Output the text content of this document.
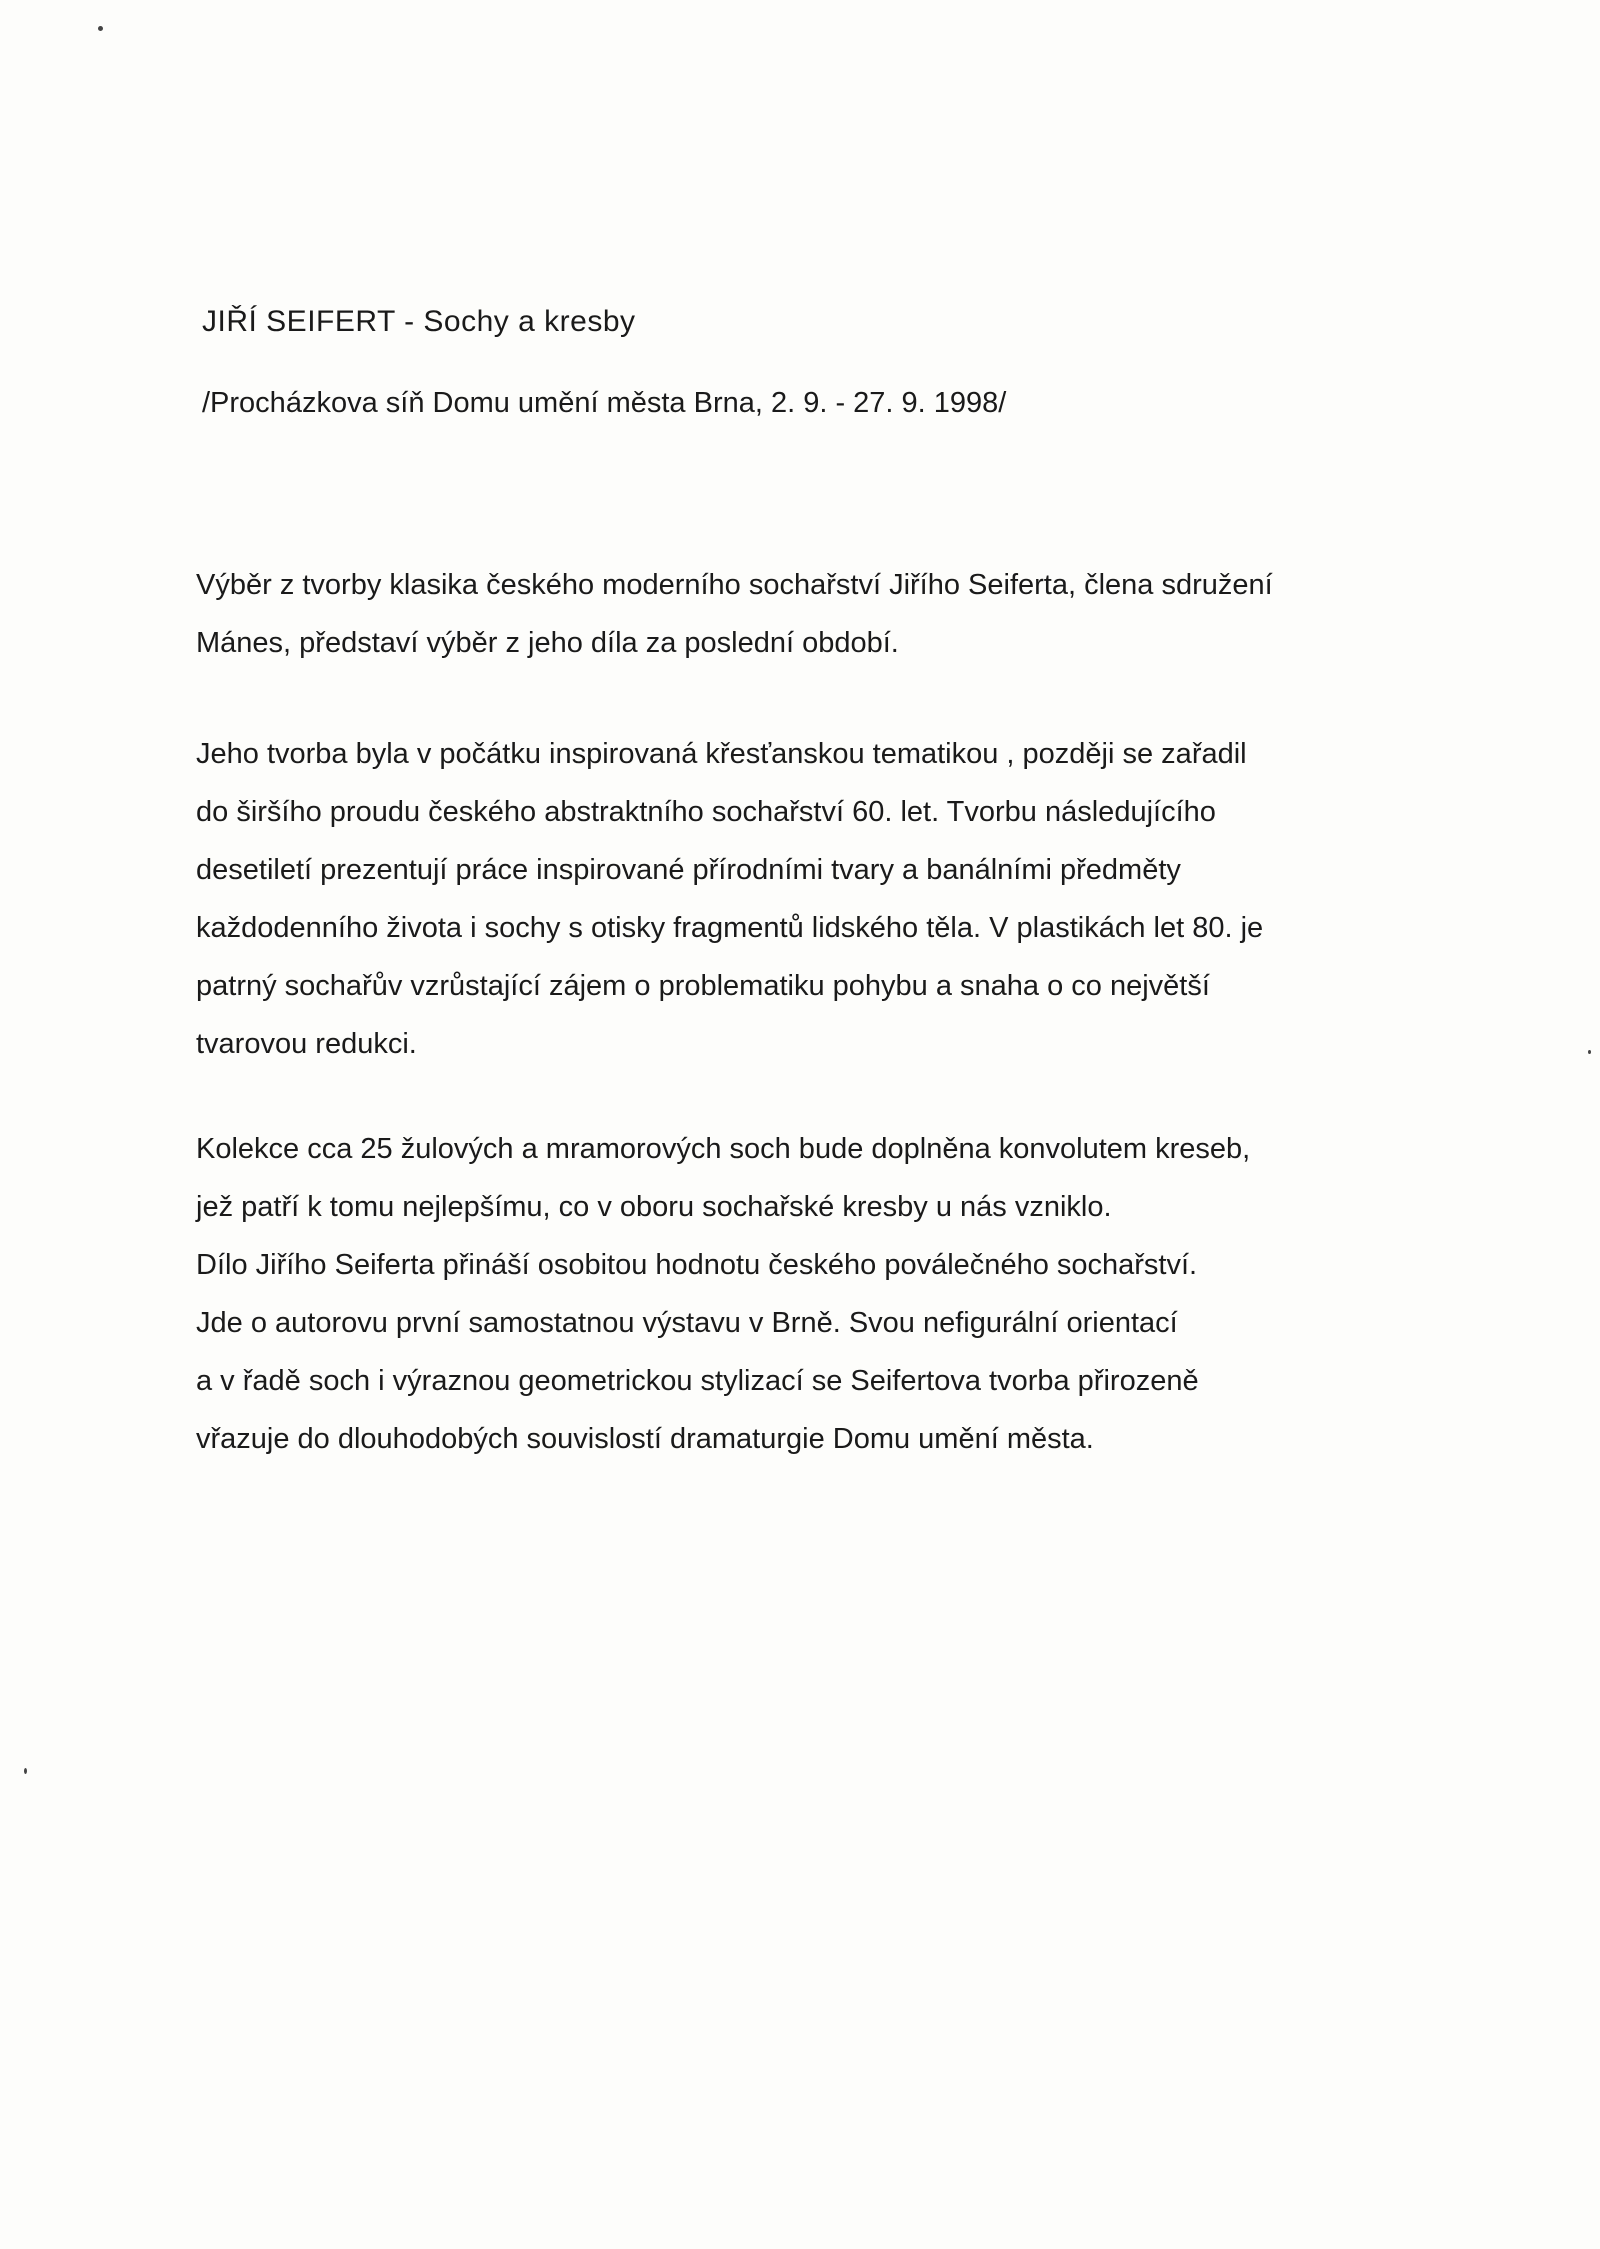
JIŘÍ SEIFERT - Sochy a kresby

/Procházkova síň Domu umění města Brna, 2. 9. - 27. 9. 1998/

Výběr z tvorby klasika českého moderního sochařství Jiřího Seiferta, člena sdružení
Mánes, představí výběr z jeho díla za poslední období.
Jeho tvorba byla v počátku inspirovaná křesťanskou tematikou , později se zařadil
do širšího proudu českého abstraktního sochařství 60. let. Tvorbu následujícího
desetiletí prezentují práce inspirované přírodními tvary a banálními předměty
každodenního života i sochy s otisky fragmentů lidského těla. V plastikách let 80. je
patrný sochařův vzrůstající zájem o problematiku pohybu a snaha o co největší
tvarovou redukci.
Kolekce cca 25 žulových a mramorových soch bude doplněna konvolutem kreseb,
jež patří k tomu nejlepšímu, co v oboru sochařské kresby u nás vzniklo.
Dílo Jiřího Seiferta přináší osobitou hodnotu českého poválečného sochařství.
Jde o autorovu první samostatnou výstavu v Brně. Svou nefigurální orientací
a v řadě soch i výraznou geometrickou stylizací se Seifertova tvorba přirozeně
vřazuje do dlouhodobých souvislostí dramaturgie Domu umění města.
